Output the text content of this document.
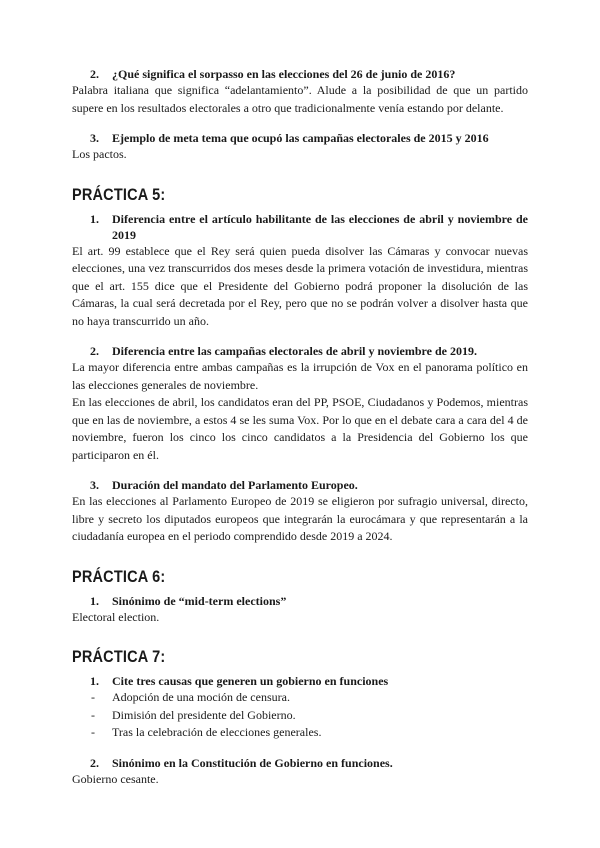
2. ¿Qué significa el sorpasso en las elecciones del 26 de junio de 2016?

Palabra italiana que significa “adelantamiento”. Alude a la posibilidad de que un partido supere en los resultados electorales a otro que tradicionalmente venía estando por delante.

3. Ejemplo de meta tema que ocupó las campañas electorales de 2015 y 2016

Los pactos.

PRÁCTICA 5:

1. Diferencia entre el artículo habilitante de las elecciones de abril y noviembre de 2019

El art. 99 establece que el Rey será quien pueda disolver las Cámaras y convocar nuevas elecciones, una vez transcurridos dos meses desde la primera votación de investidura, mientras que el art. 155 dice que el Presidente del Gobierno podrá proponer la disolución de las Cámaras, la cual será decretada por el Rey, pero que no se podrán volver a disolver hasta que no haya transcurrido un año.

2. Diferencia entre las campañas electorales de abril y noviembre de 2019.

La mayor diferencia entre ambas campañas es la irrupción de Vox en el panorama político en las elecciones generales de noviembre.

En las elecciones de abril, los candidatos eran del PP, PSOE, Ciudadanos y Podemos, mientras que en las de noviembre, a estos 4 se les suma Vox. Por lo que en el debate cara a cara del 4 de noviembre, fueron los cinco los cinco candidatos a la Presidencia del Gobierno los que participaron en él.

3. Duración del mandato del Parlamento Europeo.

En las elecciones al Parlamento Europeo de 2019 se eligieron por sufragio universal, directo, libre y secreto los diputados europeos que integrarán la eurocámara y que representarán a la ciudadanía europea en el periodo comprendido desde 2019 a 2024.

PRÁCTICA 6:

1. Sinónimo de “mid-term elections”

Electoral election.

PRÁCTICA 7:

1. Cite tres causas que generen un gobierno en funciones

- Adopción de una moción de censura.
- Dimisión del presidente del Gobierno.
- Tras la celebración de elecciones generales.

2. Sinónimo en la Constitución de Gobierno en funciones.

Gobierno cesante.
